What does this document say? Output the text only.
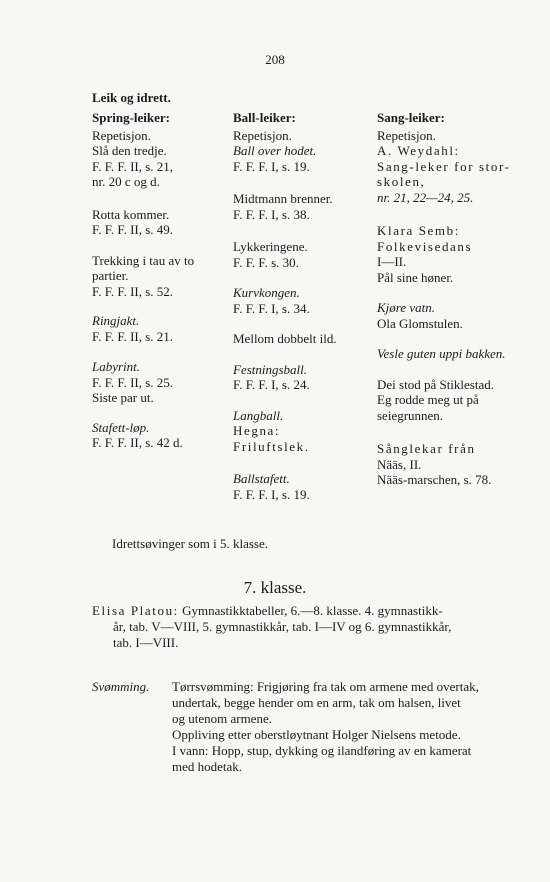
208
Leik og idrett.
Spring-leiker:
Repetisjon.
Slå den tredje.
F. F. F. II, s. 21,
nr. 20 c og d.
Rotta kommer.
F. F. F. II, s. 49.
Trekking i tau av to
partier.
F. F. F. II, s. 52.
Ringjakt.
F. F. F. II, s. 21.
Labyrint.
F. F. F. II, s. 25.
Siste par ut.
Stafett-løp.
F. F. F. II, s. 42 d.
Ball-leiker:
Repetisjon.
Ball over hodet.
F. F. F. I, s. 19.
Midtmann brenner.
F. F. F. I, s. 38.
Lykkeringene.
F. F. F. s. 30.
Kurvkongen.
F. F. F. I, s. 34.
Mellom dobbelt ild.
Festningsball.
F. F. F. I, s. 24.
Langball.
Hegna:
Friluftslek.
Ballstafett.
F. F. F. I, s. 19.
Sang-leiker:
Repetisjon.
A. Weydahl:
Sang-leker for stor-
skolen,
nr. 21, 22—24, 25.
Klara Semb:
Folkevisedans
I—II.
Pål sine høner.
Kjøre vatn.
Ola Glomstulen.
Vesle guten uppi bakken.
Dei stod på Stiklestad.
Eg rodde meg ut på
seiegrunnen.
Sånglekar från
Nääs, II.
Nääs-marschen, s. 78.
Idrettsøvinger som i 5. klasse.
7. klasse.
Elisa Platou: Gymnastikktabeller, 6.—8. klasse. 4. gymnastikk-
år, tab. V—VIII, 5. gymnastikkår, tab. I—IV og 6. gymnastikkår,
tab. I—VIII.
Svømming. Tørrsvømming: Frigjøring fra tak om armene med overtak,
undertak, begge hender om en arm, tak om halsen, livet
og utenom armene.
Oppliving etter oberstløytnant Holger Nielsens metode.
I vann: Hopp, stup, dykking og ilandføring av en kamerat
med hodetak.
